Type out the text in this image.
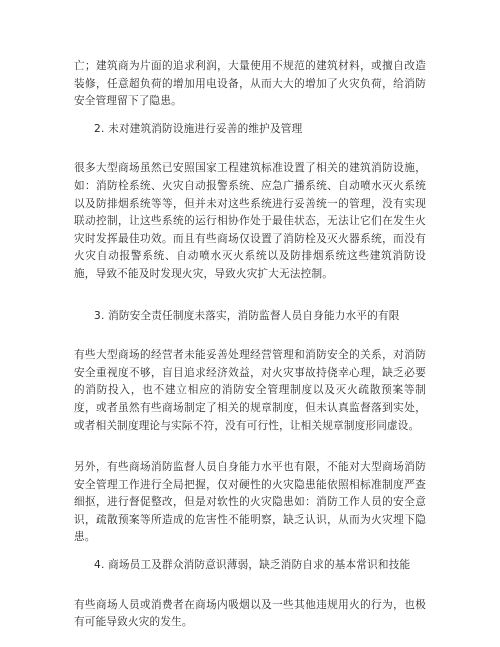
亡；建筑商为片面的追求利润，大量使用不规范的建筑材料，或擅自改造装修，任意超负荷的增加用电设备，从而大大的增加了火灾负荷，给消防安全管理留下了隐患。

2. 未对建筑消防设施进行妥善的维护及管理

很多大型商场虽然已安照国家工程建筑标准设置了相关的建筑消防设施，如：消防栓系统、火灾自动报警系统、应急广播系统、自动喷水灭火系统以及防排烟系统等等，但并未对这些系统进行妥善统一的管理，没有实现联动控制，让这些系统的运行相协作处于最佳状态，无法让它们在发生火灾时发挥最佳功效。而且有些商场仅设置了消防栓及灭火器系统，而没有火灾自动报警系统、自动喷水灭火系统以及防排烟系统这些建筑消防设施，导致不能及时发现火灾，导致火灾扩大无法控制。

3. 消防安全责任制度未落实，消防监督人员自身能力水平的有限

有些大型商场的经营者未能妥善处理经营管理和消防安全的关系，对消防安全重视度不够，盲目追求经济效益，对火灾事故持侥幸心理，缺乏必要的消防投入，也不建立相应的消防安全管理制度以及灭火疏散预案等制度，或者虽然有些商场制定了相关的规章制度，但未认真监督落到实处，或者相关制度理论与实际不符，没有可行性，让相关规章制度形同虚设。

另外，有些商场消防监督人员自身能力水平也有限，不能对大型商场消防安全管理工作进行全局把握，仅对硬性的火灾隐患能依照相标准制度严查细抠，进行督促整改，但是对软性的火灾隐患如：消防工作人员的安全意识，疏散预案等所造成的危害性不能明察，缺乏认识，从而为火灾埋下隐患。

4. 商场员工及群众消防意识薄弱，缺乏消防自求的基本常识和技能

有些商场人员或消费者在商场内吸烟以及一些其他违规用火的行为，也极有可能导致火灾的发生。
